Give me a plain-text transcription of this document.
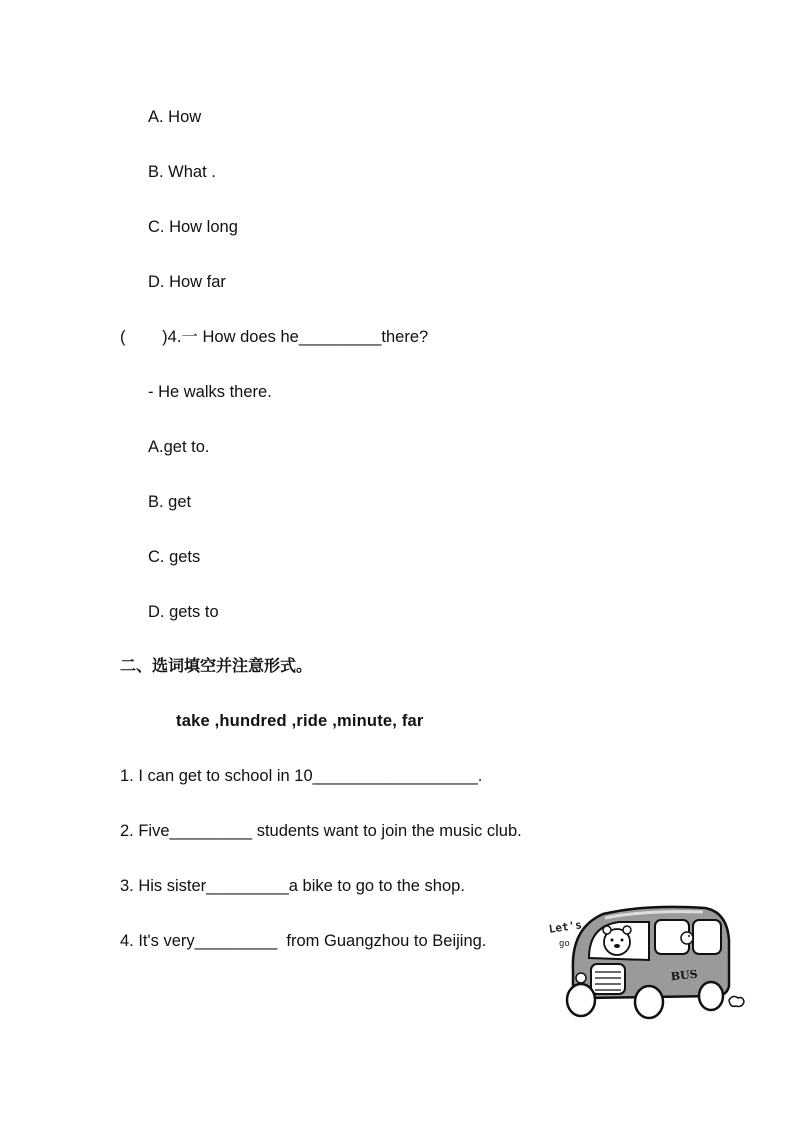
A. How
B. What .
C. How long
D. How far
(        )4.一 How does he_________there?
- He walks there.
A.get to.
B. get
C. gets
D. gets to
二、选词填空并注意形式。
take ,hundred ,ride ,minute, far
1. I can get to school in 10__________________.
2. Five_________ students want to join the music club.
3. His sister_________a bike to go to the shop.
4. It's very_________  from Guangzhou to Beijing.
Let's
go
BUS
